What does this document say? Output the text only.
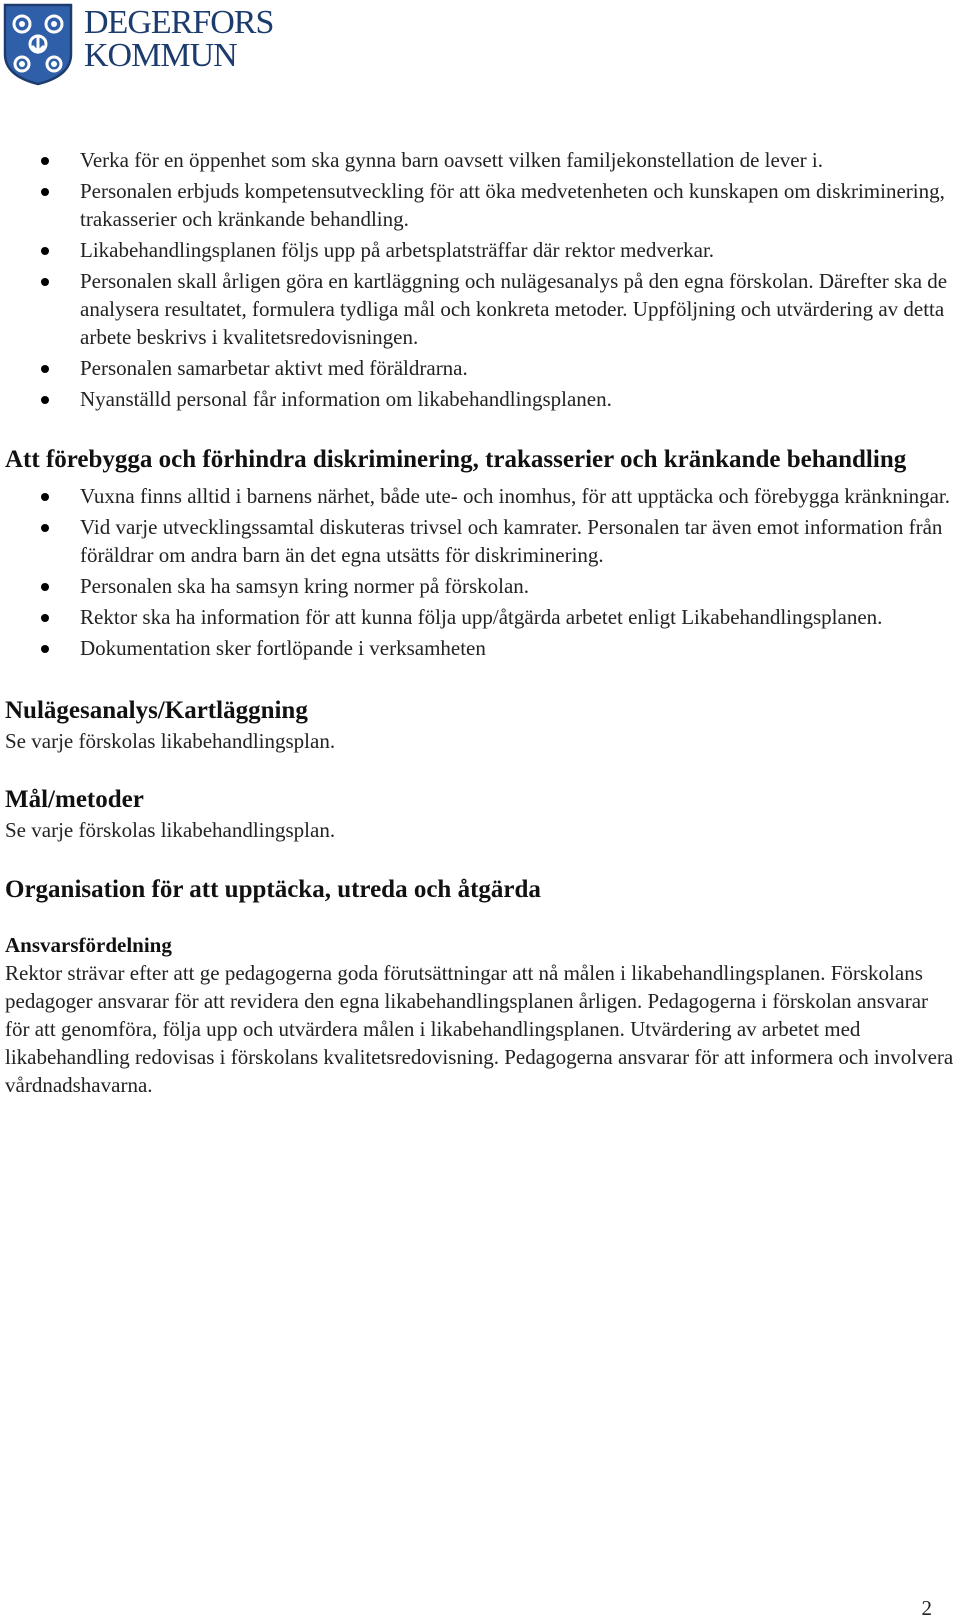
DEGERFORS
KOMMUN
Verka för en öppenhet som ska gynna barn oavsett vilken familjekonstellation de lever i.
Personalen erbjuds kompetensutveckling för att öka medvetenheten och kunskapen om diskriminering, trakasserier och kränkande behandling.
Likabehandlingsplanen följs upp på arbetsplatsträffar där rektor medverkar.
Personalen skall årligen göra en kartläggning och nulägesanalys på den egna förskolan. Därefter ska de analysera resultatet, formulera tydliga mål och konkreta metoder. Uppföljning och utvärdering av detta arbete beskrivs i kvalitetsredovisningen.
Personalen samarbetar aktivt med föräldrarna.
Nyanställd personal får information om likabehandlingsplanen.
Att förebygga och förhindra diskriminering, trakasserier och kränkande behandling
Vuxna finns alltid i barnens närhet, både ute- och inomhus, för att upptäcka och förebygga kränkningar.
Vid varje utvecklingssamtal diskuteras trivsel och kamrater. Personalen tar även emot information från föräldrar om andra barn än det egna utsätts för diskriminering.
Personalen ska ha samsyn kring normer på förskolan.
Rektor ska ha information för att kunna följa upp/åtgärda arbetet enligt Likabehandlingsplanen.
Dokumentation sker fortlöpande i verksamheten
Nulägesanalys/Kartläggning
Se varje förskolas likabehandlingsplan.
Mål/metoder
Se varje förskolas likabehandlingsplan.
Organisation för att upptäcka, utreda och åtgärda
Ansvarsfördelning
Rektor strävar efter att ge pedagogerna goda förutsättningar att nå målen i likabehandlingsplanen. Förskolans pedagoger ansvarar för att revidera den egna likabehandlingsplanen årligen. Pedagogerna i förskolan ansvarar för att genomföra, följa upp och utvärdera målen i likabehandlingsplanen. Utvärdering av arbetet med likabehandling redovisas i förskolans kvalitetsredovisning. Pedagogerna ansvarar för att informera och involvera vårdnadshavarna.
2
